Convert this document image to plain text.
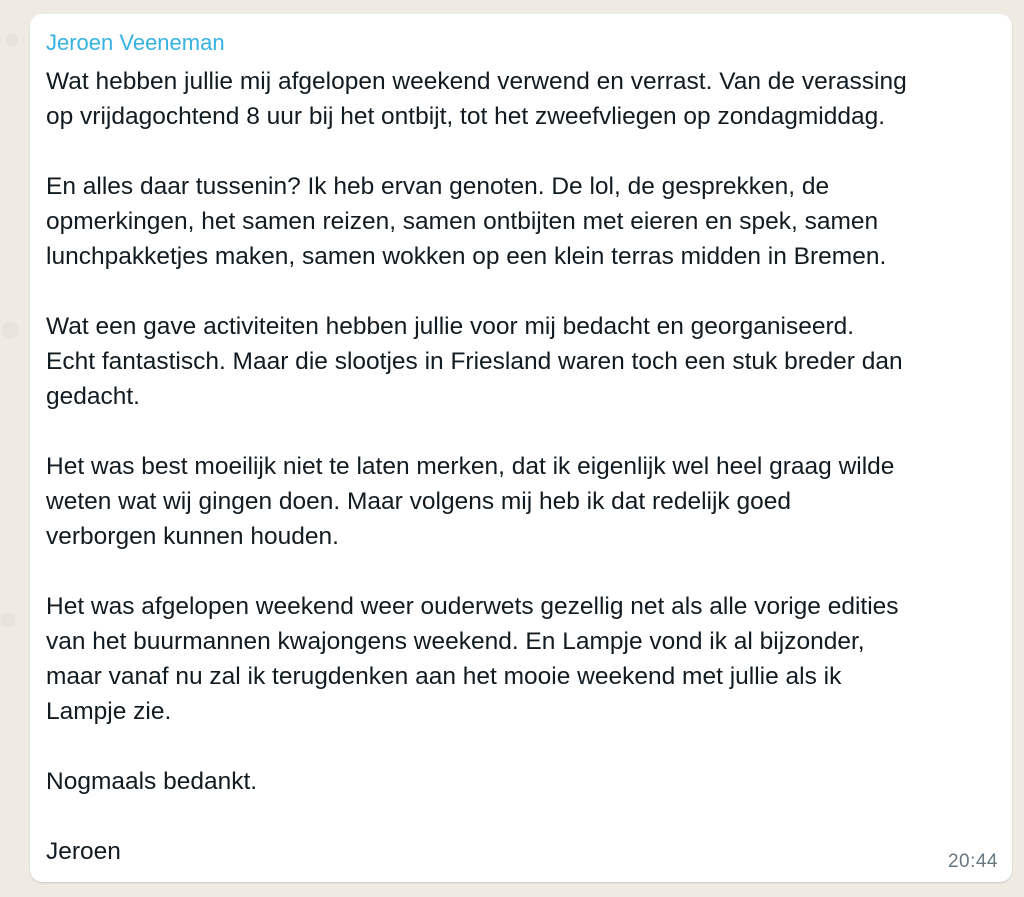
Jeroen Veeneman

Wat hebben jullie mij afgelopen weekend verwend en verrast. Van de verassing
op vrijdagochtend 8 uur bij het ontbijt, tot het zweefvliegen op zondagmiddag.

En alles daar tussenin? Ik heb ervan genoten. De lol, de gesprekken, de
opmerkingen, het samen reizen, samen ontbijten met eieren en spek, samen
lunchpakketjes maken, samen wokken op een klein terras midden in Bremen.

Wat een gave activiteiten hebben jullie voor mij bedacht en georganiseerd.
Echt fantastisch. Maar die slootjes in Friesland waren toch een stuk breder dan
gedacht.

Het was best moeilijk niet te laten merken, dat ik eigenlijk wel heel graag wilde
weten wat wij gingen doen. Maar volgens mij heb ik dat redelijk goed
verborgen kunnen houden.

Het was afgelopen weekend weer ouderwets gezellig net als alle vorige edities
van het buurmannen kwajongens weekend. En Lampje vond ik al bijzonder,
maar vanaf nu zal ik terugdenken aan het mooie weekend met jullie als ik
Lampje zie.

Nogmaals bedankt.

Jeroen	20:44
